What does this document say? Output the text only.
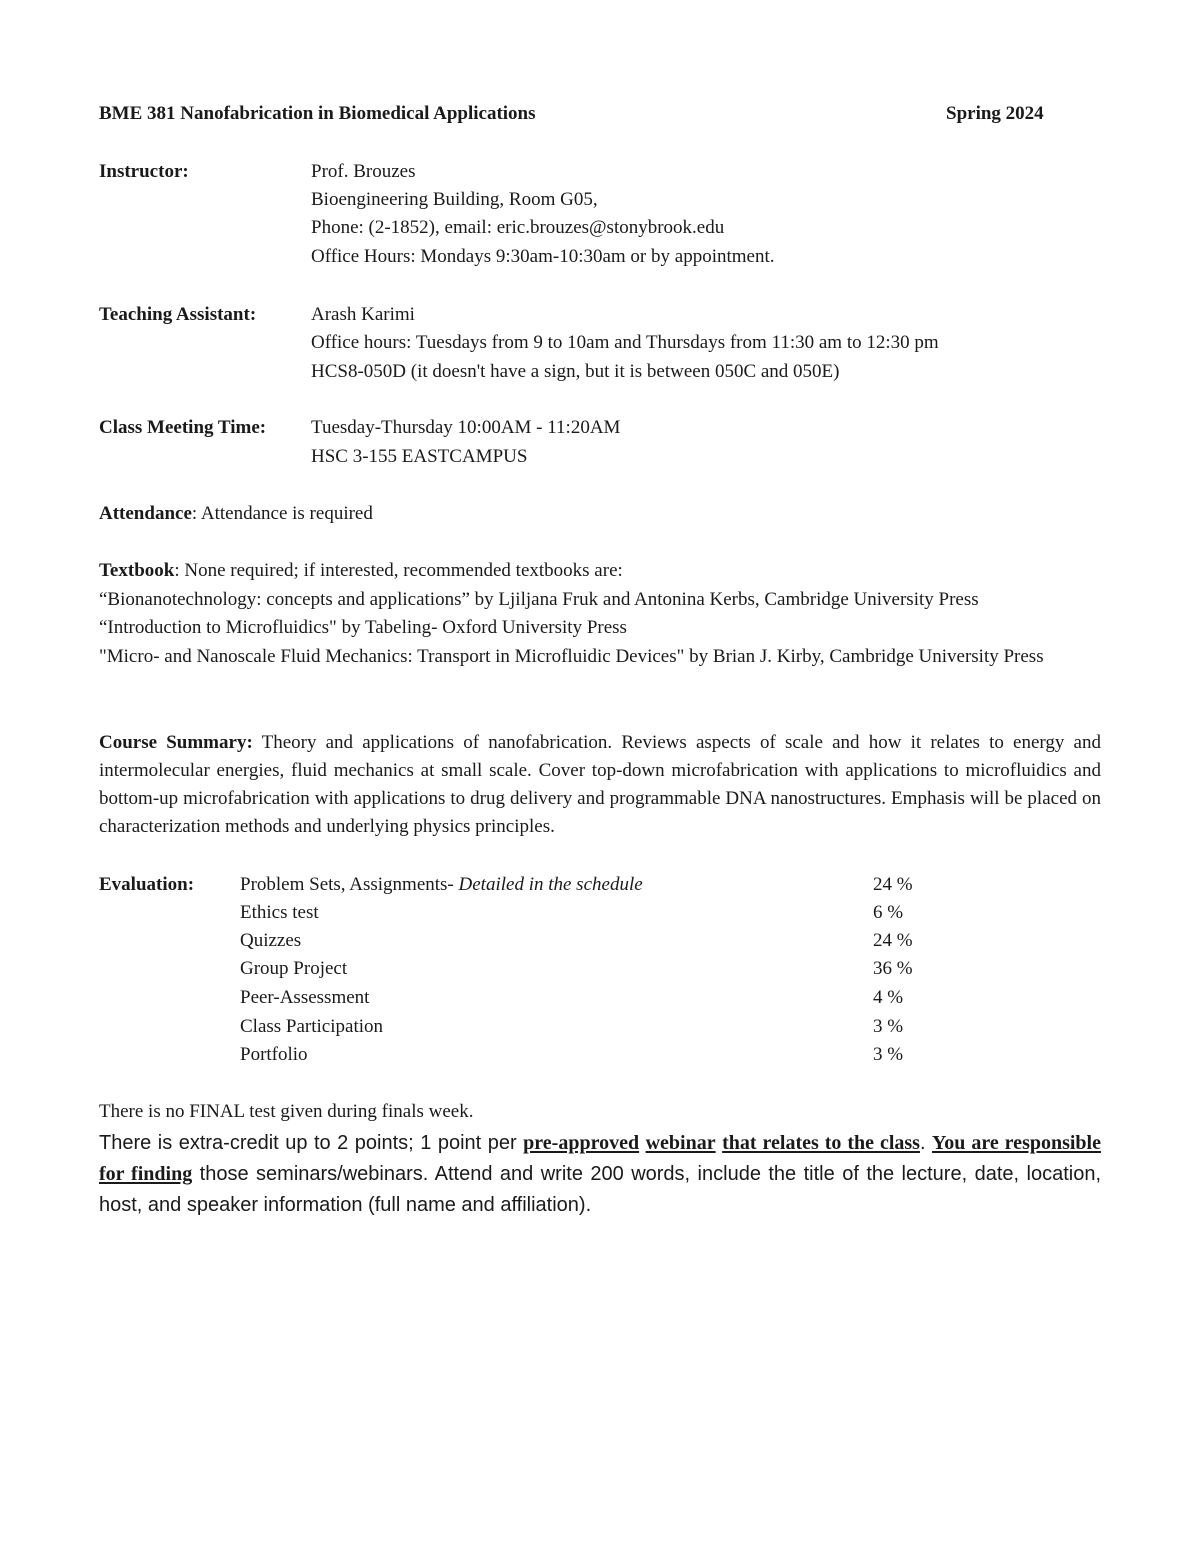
BME 381 Nanofabrication in Biomedical Applications	Spring 2024
Instructor:	Prof. Brouzes
Bioengineering Building, Room G05,
Phone: (2-1852), email: eric.brouzes@stonybrook.edu
Office Hours: Mondays 9:30am-10:30am or by appointment.
Teaching Assistant:	Arash Karimi
Office hours: Tuesdays from 9 to 10am and Thursdays from 11:30 am to 12:30 pm
HCS8-050D (it doesn't have a sign, but it is between 050C and 050E)
Class Meeting Time: Tuesday-Thursday 10:00AM - 11:20AM
HSC 3-155 EASTCAMPUS
Attendance: Attendance is required
Textbook: None required; if interested, recommended textbooks are:
“Bionanotechnology: concepts and applications” by Ljiljana Fruk and Antonina Kerbs, Cambridge University Press
“Introduction to Microfluidics" by Tabeling- Oxford University Press
"Micro- and Nanoscale Fluid Mechanics: Transport in Microfluidic Devices" by Brian J. Kirby, Cambridge University Press
Course Summary: Theory and applications of nanofabrication. Reviews aspects of scale and how it relates to energy and intermolecular energies, fluid mechanics at small scale. Cover top-down microfabrication with applications to microfluidics and bottom-up microfabrication with applications to drug delivery and programmable DNA nanostructures. Emphasis will be placed on characterization methods and underlying physics principles.
Evaluation: Problem Sets, Assignments- Detailed in the schedule	24 %
Ethics test	6 %
Quizzes	24 %
Group Project	36 %
Peer-Assessment	4 %
Class Participation	3 %
Portfolio	3 %
There is no FINAL test given during finals week.
There is extra-credit up to 2 points; 1 point per pre-approved webinar that relates to the class. You are responsible for finding those seminars/webinars. Attend and write 200 words, include the title of the lecture, date, location, host, and speaker information (full name and affiliation).
